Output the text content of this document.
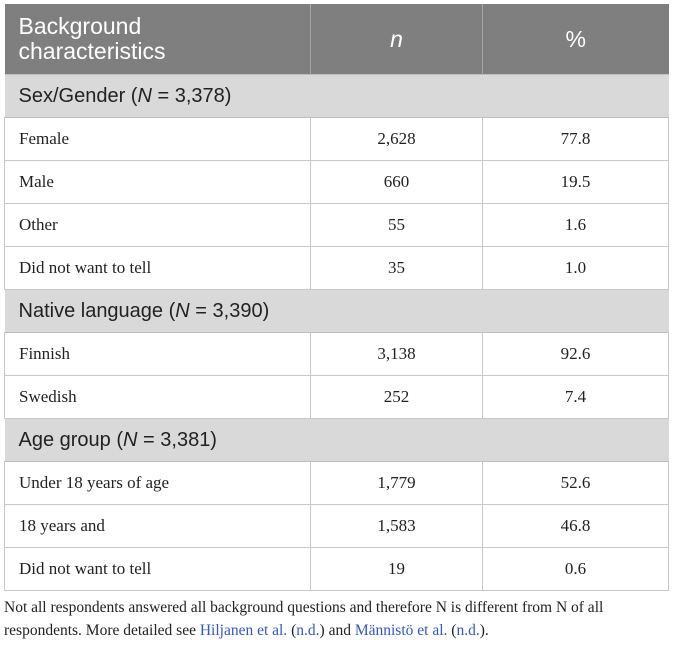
Background
characteristics	n	%
Sex/Gender (N = 3,378)		
Female	2,628	77.8
Male	660	19.5
Other	55	1.6
Did not want to tell	35	1.0
Native language (N = 3,390)		
Finnish	3,138	92.6
Swedish	252	7.4
Age group (N = 3,381)		
Under 18 years of age	1,779	52.6
18 years and	1,583	46.8
Did not want to tell	19	0.6
Not all respondents answered all background questions and therefore N is different from N of all respondents. More detailed see Hiljanen et al. (n.d.) and Männistö et al. (n.d.).
